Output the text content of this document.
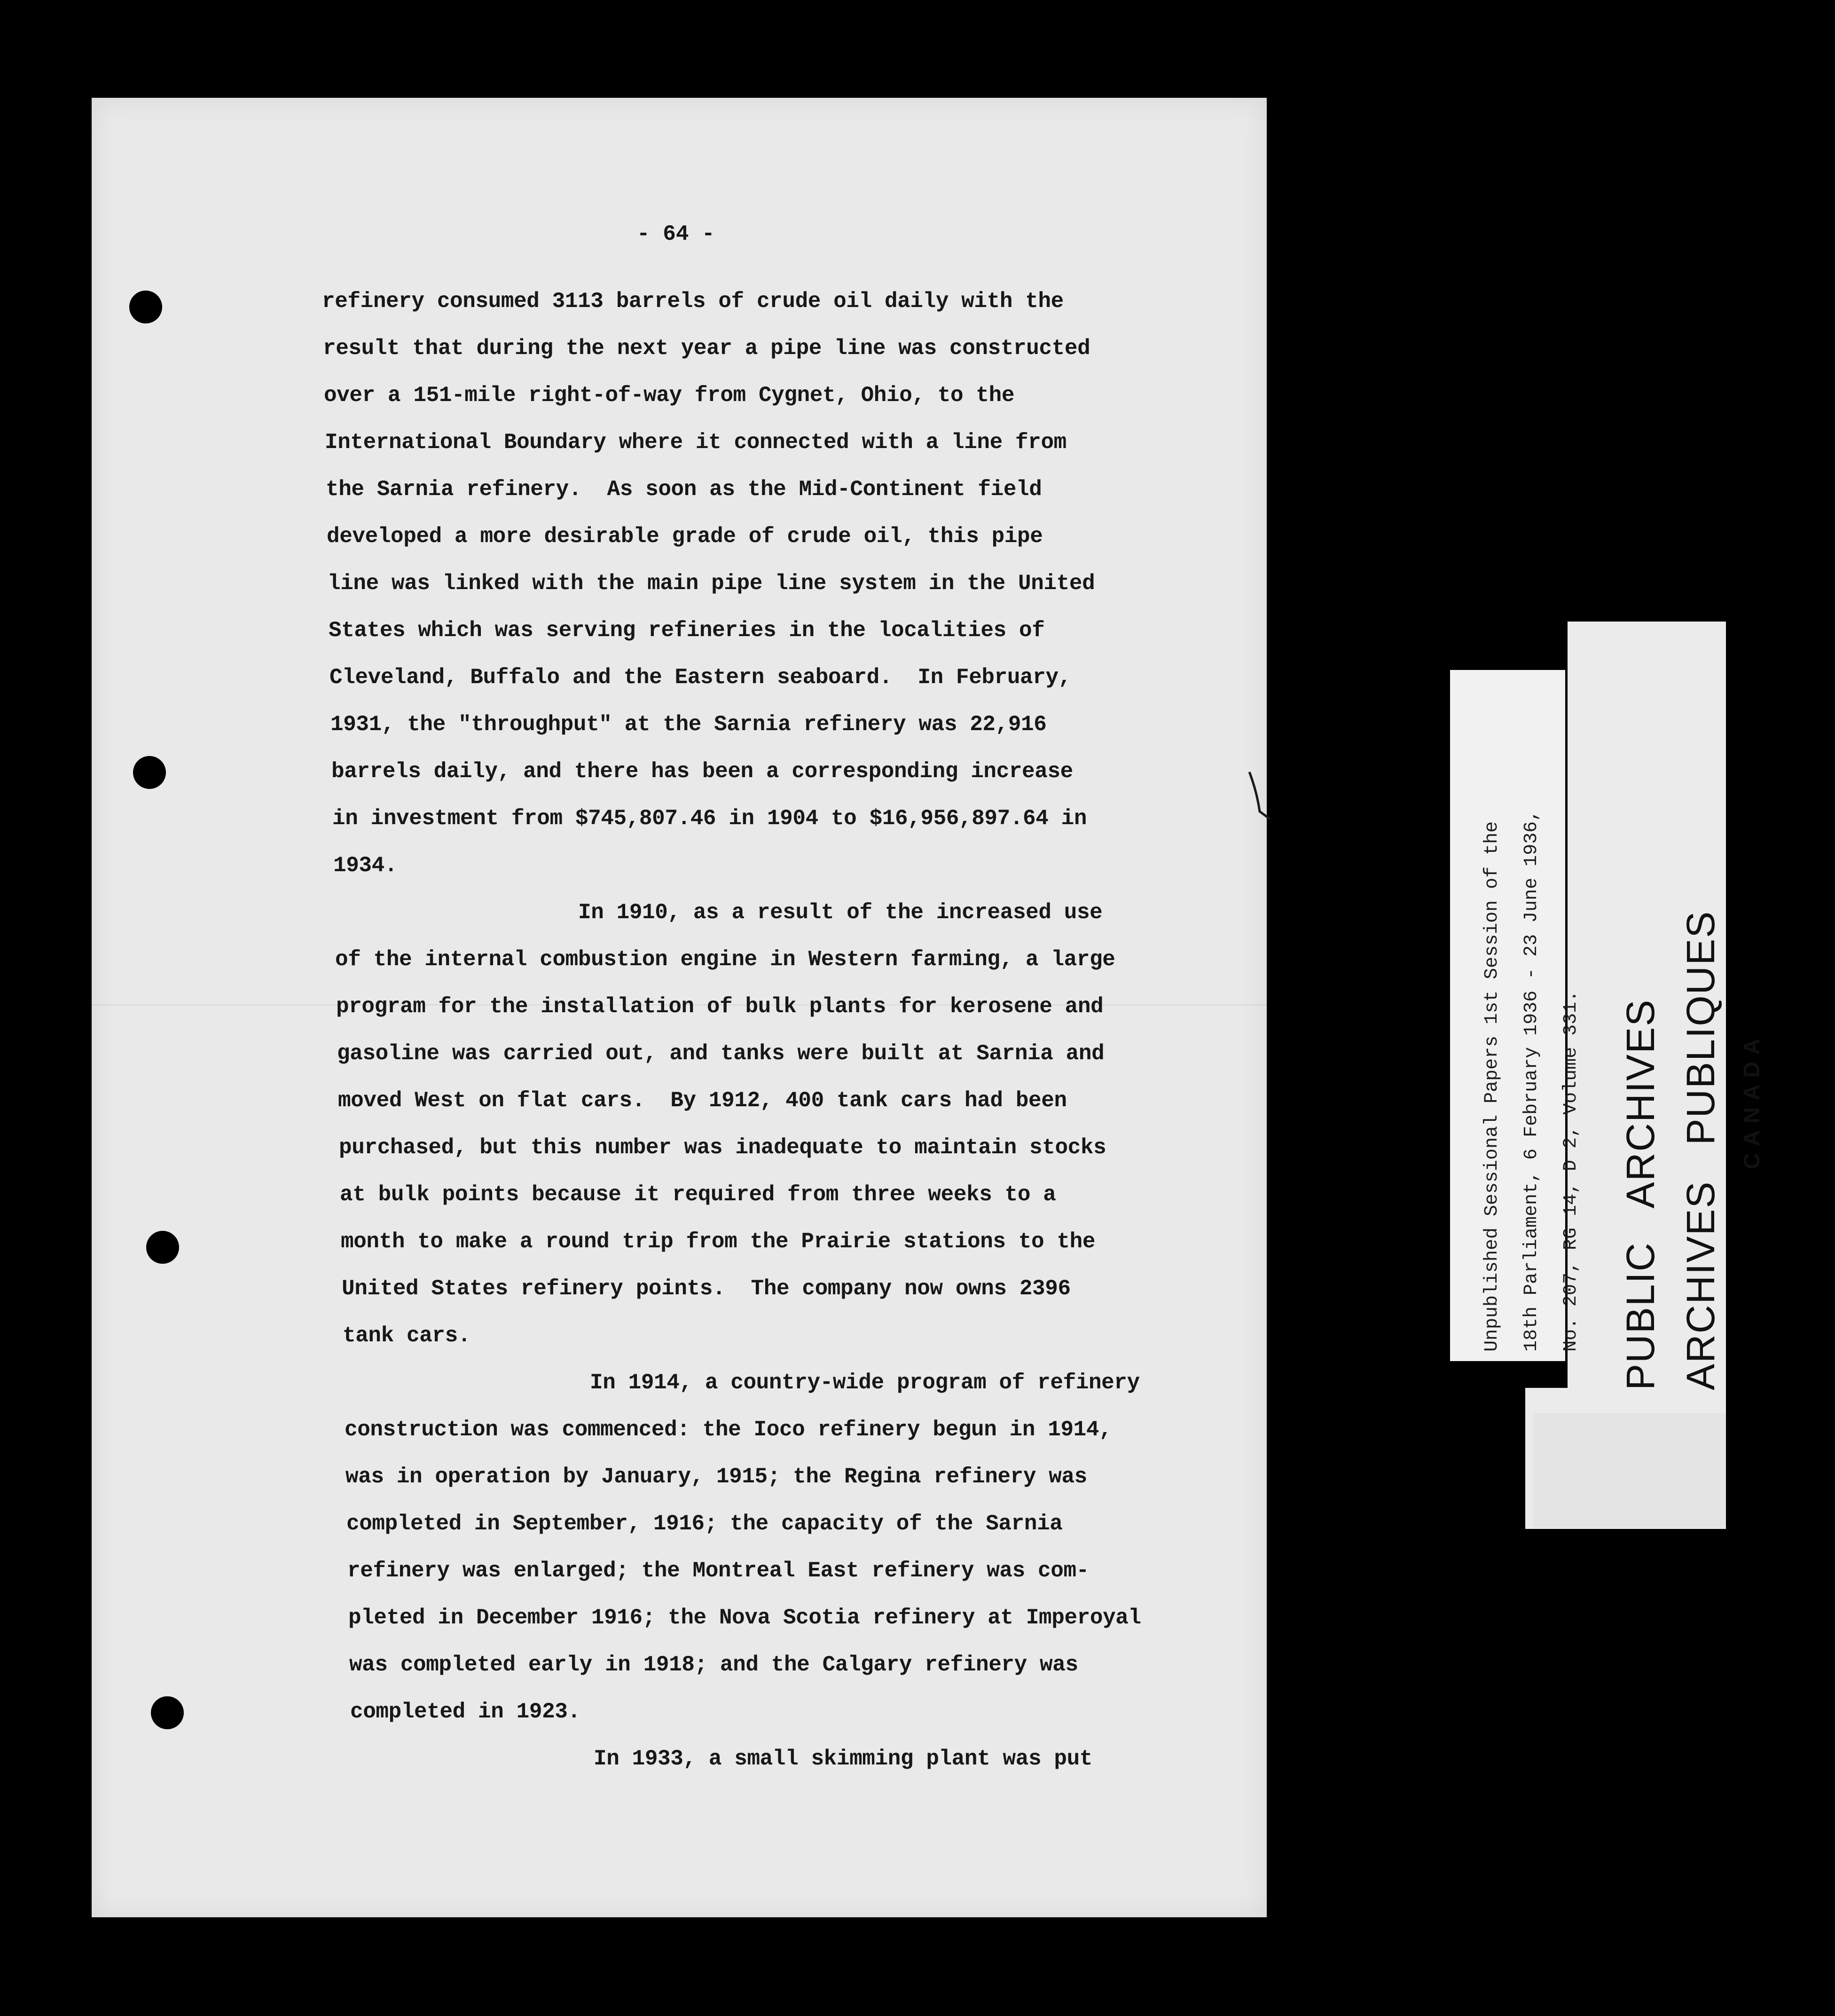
- 64 -

refinery consumed 3113 barrels of crude oil daily with the

result that during the next year a pipe line was constructed

over a 151-mile right-of-way from Cygnet, Ohio, to the

International Boundary where it connected with a line from

the Sarnia refinery.  As soon as the Mid-Continent field

developed a more desirable grade of crude oil, this pipe

line was linked with the main pipe line system in the United

States which was serving refineries in the localities of

Cleveland, Buffalo and the Eastern seaboard.  In February,

1931, the "throughput" at the Sarnia refinery was 22,916

barrels daily, and there has been a corresponding increase

in investment from $745,807.46 in 1904 to $16,956,897.64 in

1934.

In 1910, as a result of the increased use

of the internal combustion engine in Western farming, a large

program for the installation of bulk plants for kerosene and

gasoline was carried out, and tanks were built at Sarnia and

moved West on flat cars.  By 1912, 400 tank cars had been

purchased, but this number was inadequate to maintain stocks

at bulk points because it required from three weeks to a

month to make a round trip from the Prairie stations to the

United States refinery points.  The company now owns 2396

tank cars.

In 1914, a country-wide program of refinery

construction was commenced: the Ioco refinery begun in 1914,

was in operation by January, 1915; the Regina refinery was

completed in September, 1916; the capacity of the Sarnia

refinery was enlarged; the Montreal East refinery was com-

pleted in December 1916; the Nova Scotia refinery at Imperoyal

was completed early in 1918; and the Calgary refinery was

completed in 1923.

In 1933, a small skimming plant was put

PUBLIC   ARCHIVES

ARCHIVES   PUBLIQUES

CANADA

Unpublished Sessional Papers 1st Session of the

18th Parliament, 6 February 1936 - 23 June 1936,

No. 207, RG 14, D 2, Volume 331.
